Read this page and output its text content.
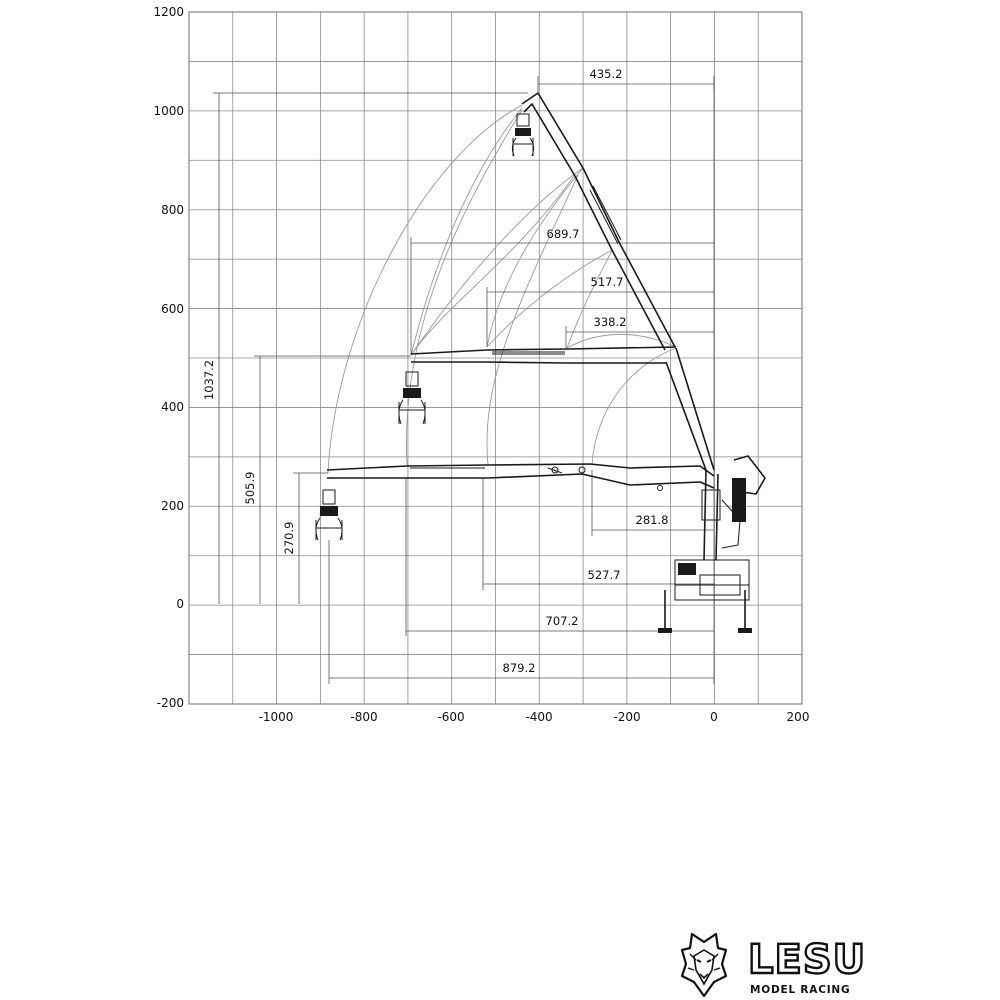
-1000	-800	-600	-400	-200	0	200
1200
1000
800
600
400
200
0
-200
435.2
689.7
517.7
338.2
281.8
527.7
707.2
879.2
1037.2
505.9
270.9
LESU
MODEL RACING
